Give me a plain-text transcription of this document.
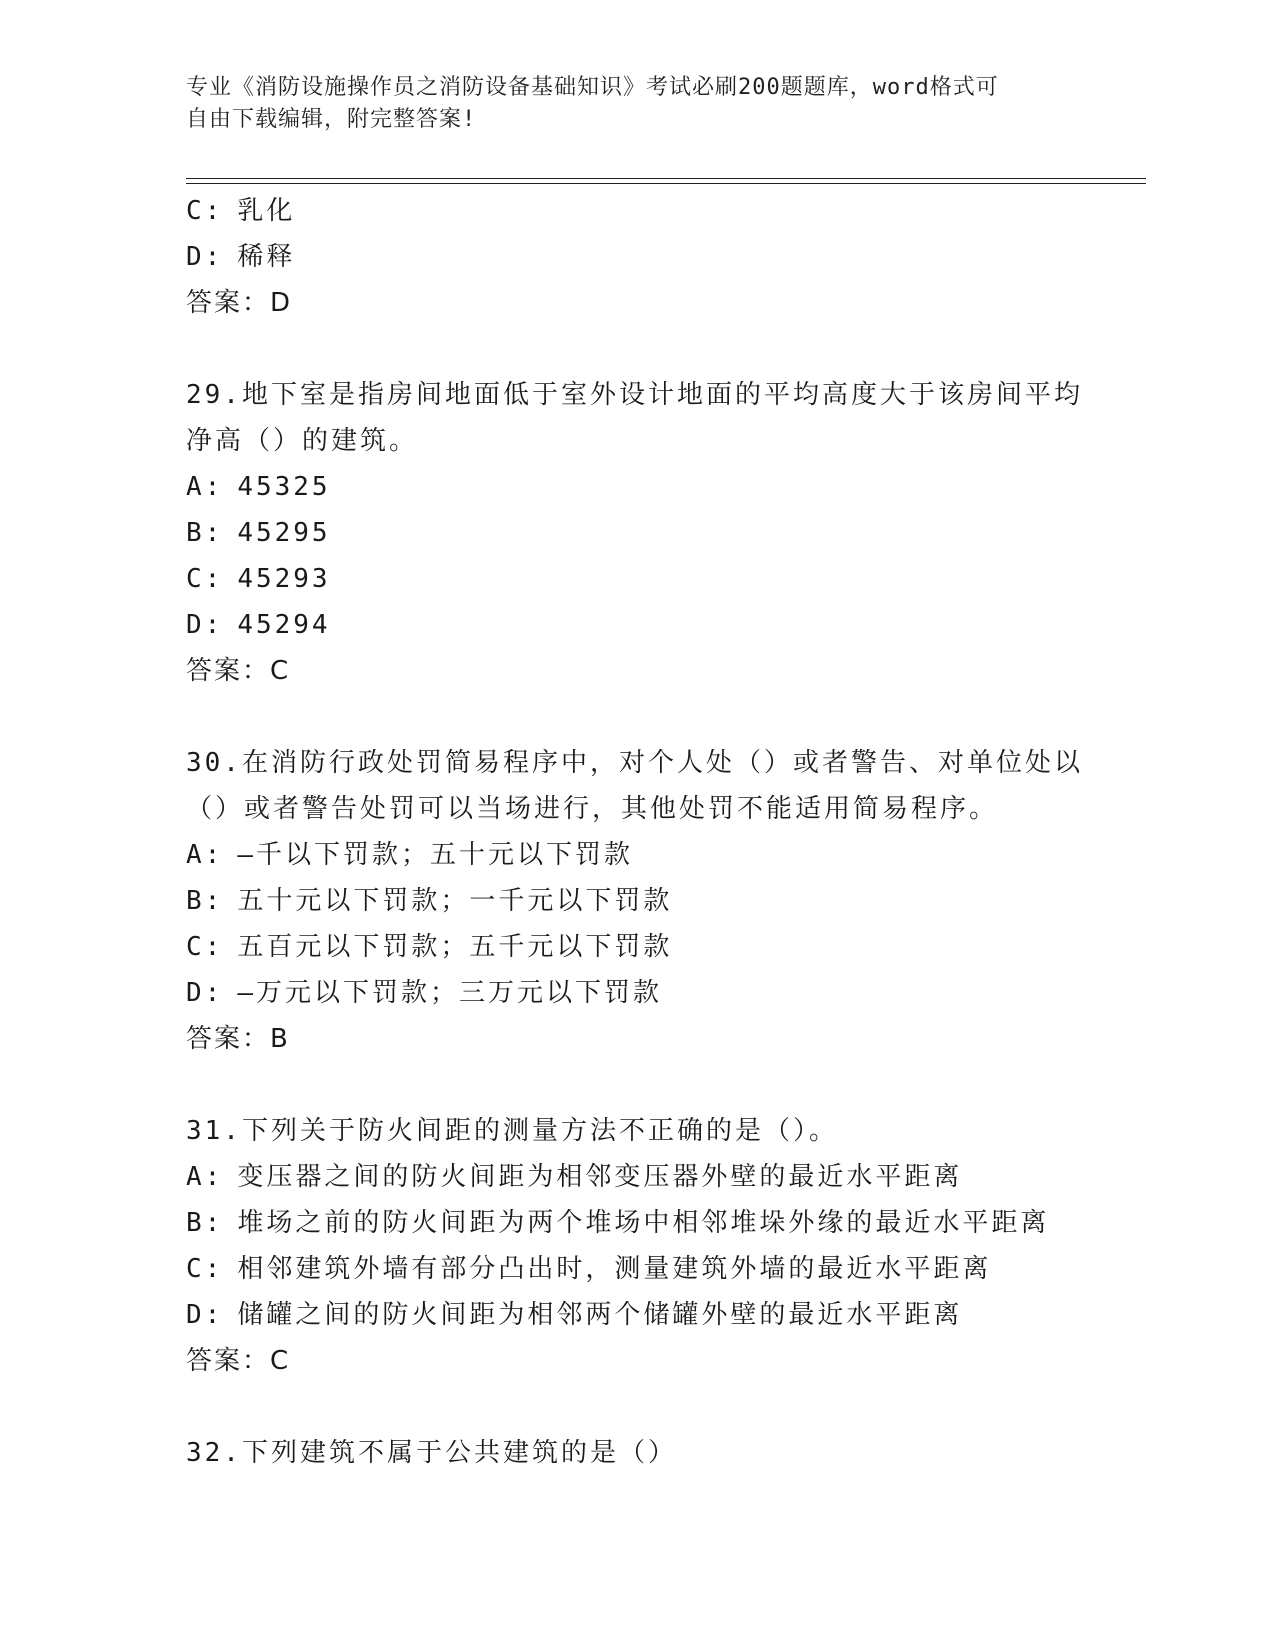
专业《消防设施操作员之消防设备基础知识》考试必刷200题题库，word格式可
自由下载编辑，附完整答案!
C: 乳化
D: 稀释
答案：D
29.地下室是指房间地面低于室外设计地面的平均高度大于该房间平均
净高（）的建筑。
A: 45325
B: 45295
C: 45293
D: 45294
答案：C
30.在消防行政处罚简易程序中，对个人处（）或者警告、对单位处以
（）或者警告处罚可以当场进行，其他处罚不能适用简易程序。
A: —千以下罚款；五十元以下罚款
B: 五十元以下罚款；一千元以下罚款
C: 五百元以下罚款；五千元以下罚款
D: —万元以下罚款；三万元以下罚款
答案：B
31.下列关于防火间距的测量方法不正确的是（）。
A: 变压器之间的防火间距为相邻变压器外壁的最近水平距离
B: 堆场之前的防火间距为两个堆场中相邻堆垛外缘的最近水平距离
C: 相邻建筑外墙有部分凸出时，测量建筑外墙的最近水平距离
D: 储罐之间的防火间距为相邻两个储罐外壁的最近水平距离
答案：C
32.下列建筑不属于公共建筑的是（）
